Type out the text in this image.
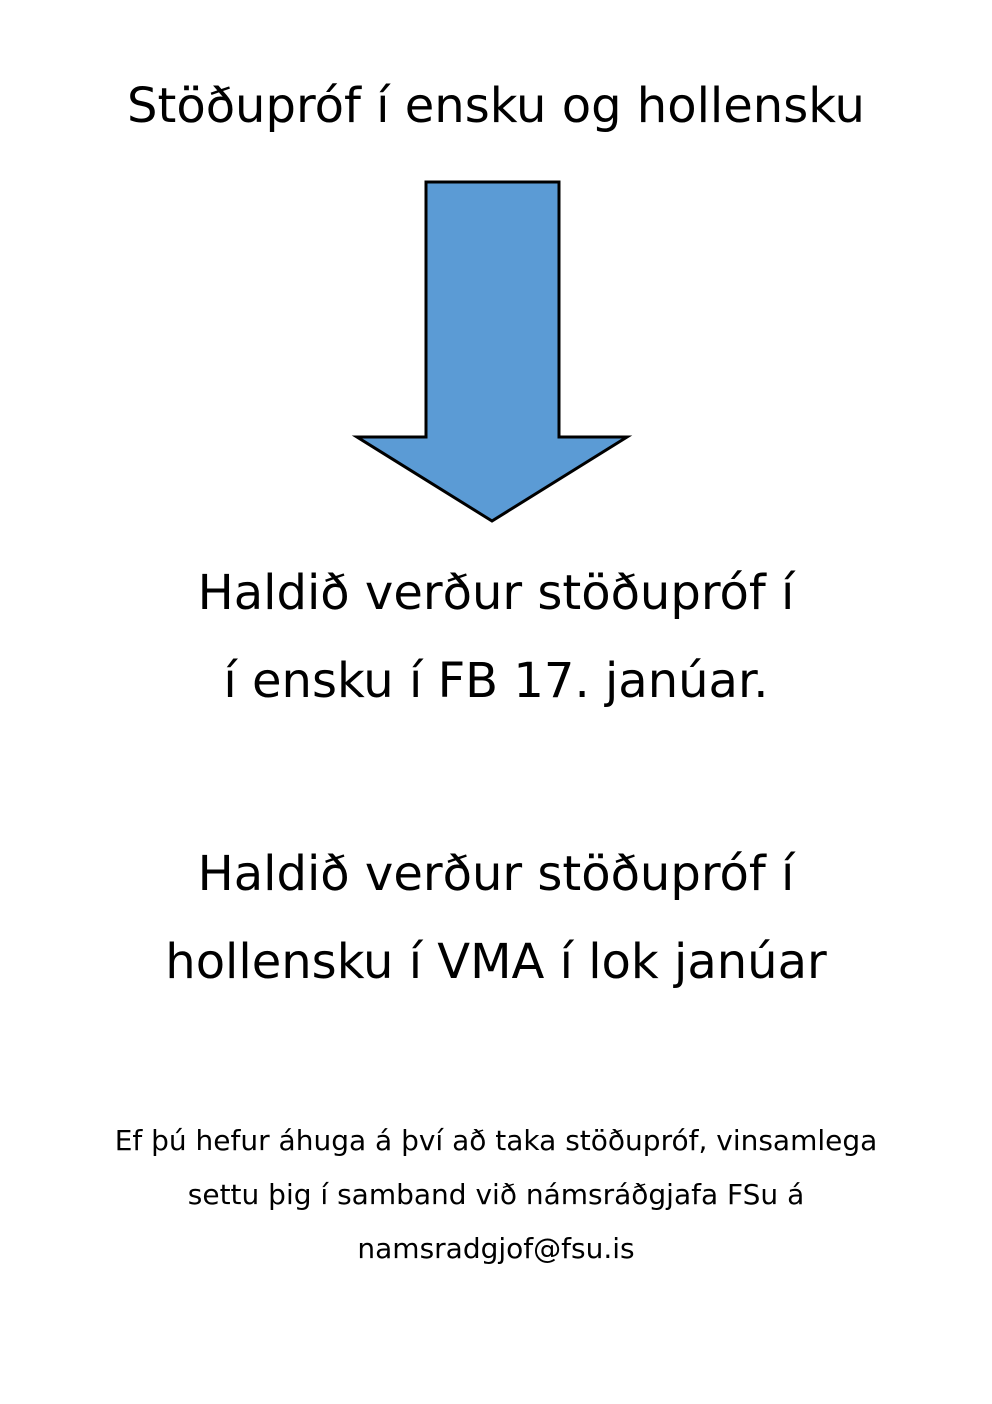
Stöðupróf í ensku og hollensku
Haldið verður stöðupróf í
í ensku í FB 17. janúar.
Haldið verður stöðupróf í
hollensku í VMA í lok janúar
Ef þú hefur áhuga á því að taka stöðupróf, vinsamlega
settu þig í samband við námsráðgjafa FSu á
namsradgjof@fsu.is
